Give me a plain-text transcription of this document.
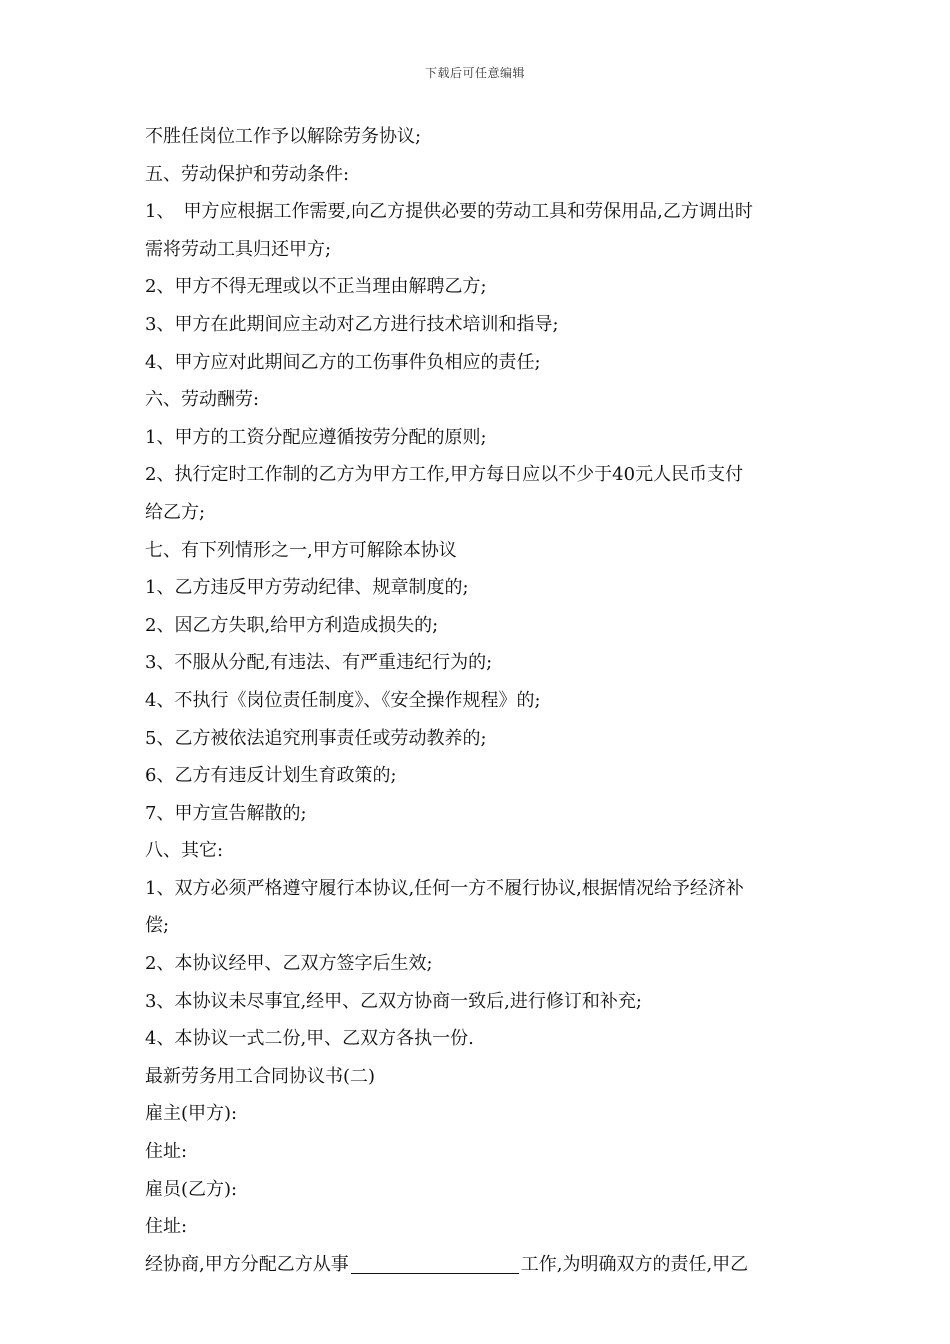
下载后可任意编辑
不胜任岗位工作予以解除劳务协议;
五、劳动保护和劳动条件:
1、　甲方应根据工作需要,向乙方提供必要的劳动工具和劳保用品,乙方调出时
需将劳动工具归还甲方;
2、甲方不得无理或以不正当理由解聘乙方;
3、甲方在此期间应主动对乙方进行技术培训和指导;
4、甲方应对此期间乙方的工伤事件负相应的责任;
六、劳动酬劳:
1、甲方的工资分配应遵循按劳分配的原则;
2、执行定时工作制的乙方为甲方工作,甲方每日应以不少于40元人民币支付
给乙方;
七、有下列情形之一,甲方可解除本协议
1、乙方违反甲方劳动纪律、规章制度的;
2、因乙方失职,给甲方利造成损失的;
3、不服从分配,有违法、有严重违纪行为的;
4、不执行《岗位责任制度》、《安全操作规程》的;
5、乙方被依法追究刑事责任或劳动教养的;
6、乙方有违反计划生育政策的;
7、甲方宣告解散的;
八、其它:
1、双方必须严格遵守履行本协议,任何一方不履行协议,根据情况给予经济补
偿;
2、本协议经甲、乙双方签字后生效;
3、本协议未尽事宜,经甲、乙双方协商一致后,进行修订和补充;
4、本协议一式二份,甲、乙双方各执一份.
最新劳务用工合同协议书(二)
雇主(甲方):
住址:
雇员(乙方):
住址:
经协商,甲方分配乙方从事	工作,为明确双方的责任,甲乙
